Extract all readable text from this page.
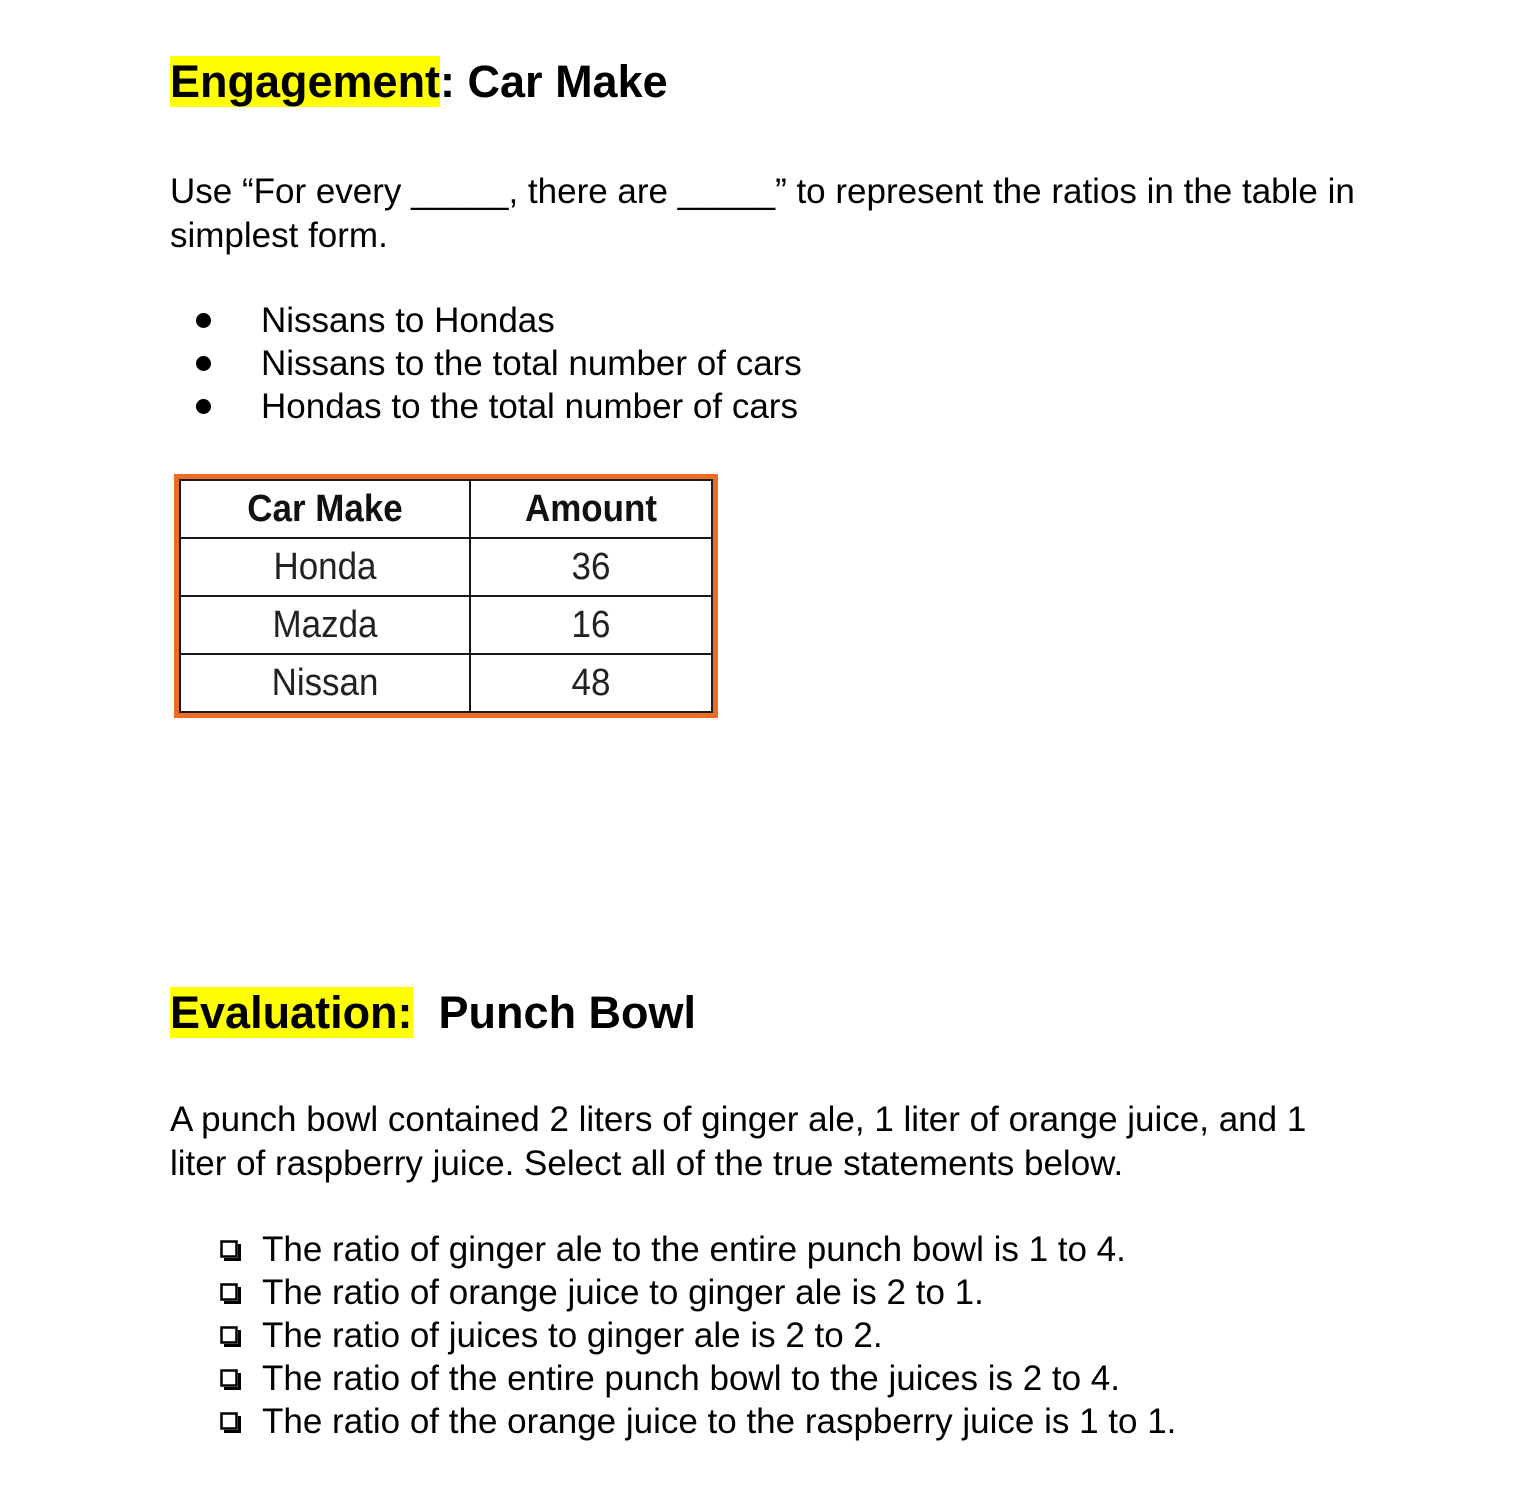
Engagement: Car Make

Use “For every _____, there are _____” to represent the ratios in the table in simplest form.

Nissans to Hondas
Nissans to the total number of cars
Hondas to the total number of cars
Car Make	Amount
Honda	36
Mazda	16
Nissan	48
Evaluation: Punch Bowl

A punch bowl contained 2 liters of ginger ale, 1 liter of orange juice, and 1 liter of raspberry juice. Select all of the true statements below.

The ratio of ginger ale to the entire punch bowl is 1 to 4.
The ratio of orange juice to ginger ale is 2 to 1.
The ratio of juices to ginger ale is 2 to 2.
The ratio of the entire punch bowl to the juices is 2 to 4.
The ratio of the orange juice to the raspberry juice is 1 to 1.
